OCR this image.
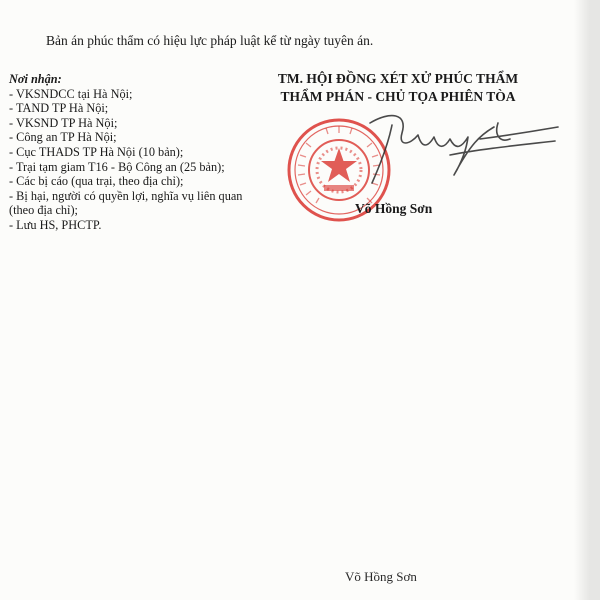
Bản án phúc thẩm có hiệu lực pháp luật kể từ ngày tuyên án.
Nơi nhận:
- VKSNDCC tại Hà Nội;
- TAND TP Hà Nội;
- VKSND TP Hà Nội;
- Công an TP Hà Nội;
- Cục THADS TP Hà Nội (10 bản);
- Trại tạm giam T16 - Bộ Công an (25 bản);
- Các bị cáo (qua trại, theo địa chỉ);
- Bị hại, người có quyền lợi, nghĩa vụ liên quan (theo địa chỉ);
- Lưu HS, PHCTP.
TM. HỘI ĐỒNG XÉT XỬ PHÚC THẨM
THẨM PHÁN - CHỦ TỌA PHIÊN TÒA
Võ Hồng Sơn
Võ Hồng Sơn
